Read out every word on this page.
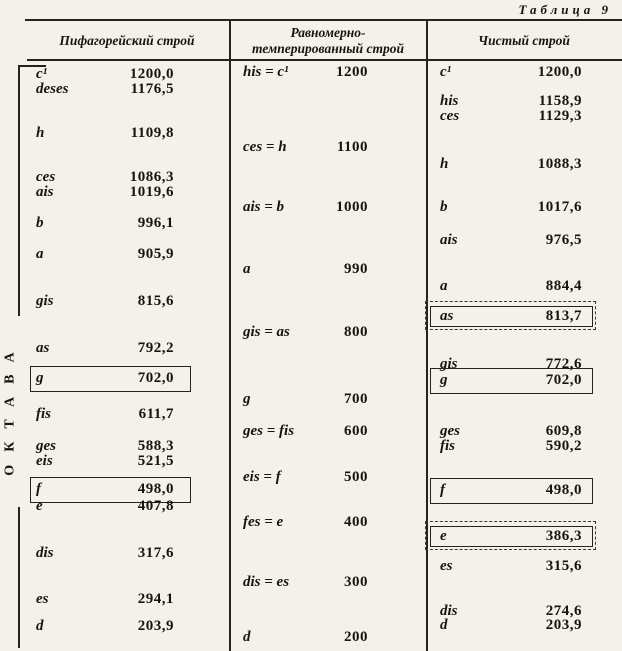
Таблица 9
ОКТАВА
Пифагорейский строй
Равномерно-
темперированный строй
Чистый строй
c¹	1200,0
deses	1176,5
h	1109,8
ces	1086,3
ais	1019,6
b	996,1
a	905,9
gis	815,6
as	792,2
g	702,0
fis	611,7
ges	588,3
eis	521,5
f	498,0
e	407,8
dis	317,6
es	294,1
d	203,9
his = c¹	1200
ces = h	1100
ais = b	1000
a	990
gis = as	800
g	700
ges = fis	600
eis = f	500
fes = e	400
dis = es	300
d	200
c¹	1200,0
his	1158,9
ces	1129,3
h	1088,3
b	1017,6
ais	976,5
a	884,4
as	813,7
gis	772,6
g	702,0
ges	609,8
fis	590,2
f	498,0
e	386,3
es	315,6
dis	274,6
d	203,9
